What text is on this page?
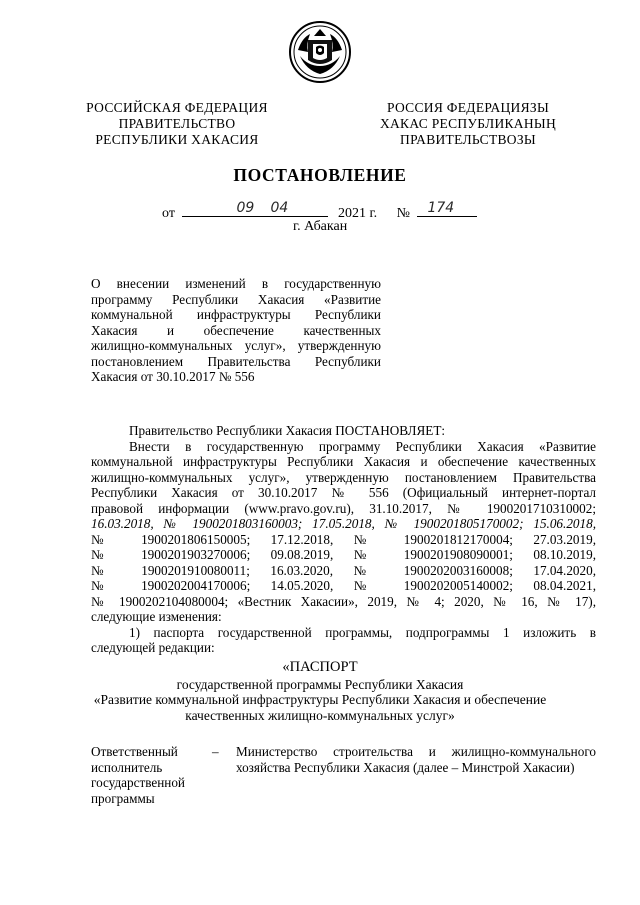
РОССИЙСКАЯ ФЕДЕРАЦИЯ
ПРАВИТЕЛЬСТВО
РЕСПУБЛИКИ ХАКАСИЯ
РОССИЯ ФЕДЕРАЦИЯЗЫ
ХАКАС РЕСПУБЛИКАНЫҢ
ПРАВИТЕЛЬСТВОЗЫ
ПОСТАНОВЛЕНИЕ
от	09 04	2021 г. № 174
г. Абакан
О внесении изменений в государственную
программу Республики Хакасия «Развитие
коммунальной инфраструктуры Республики
Хакасия и обеспечение качественных
жилищно-коммунальных услуг», утвержденную
постановлением Правительства Республики
Хакасия от 30.10.2017 № 556
Правительство Республики Хакасия ПОСТАНОВЛЯЕТ:
Внести в государственную программу Республики Хакасия «Развитие
коммунальной инфраструктуры Республики Хакасия и обеспечение качественных
жилищно-коммунальных услуг», утвержденную постановлением Правительства
Республики Хакасия от 30.10.2017 № 556 (Официальный интернет-портал
правовой информации (www.pravo.gov.ru), 31.10.2017, № 1900201710310002;
16.03.2018, № 1900201803160003; 17.05.2018, № 1900201805170002; 15.06.2018,
№ 1900201806150005; 17.12.2018, № 1900201812170004; 27.03.2019,
№ 1900201903270006; 09.08.2019, № 1900201908090001; 08.10.2019,
№ 1900201910080011; 16.03.2020, № 1900202003160008; 17.04.2020,
№ 1900202004170006; 14.05.2020, № 1900202005140002; 08.04.2021,
№ 1900202104080004; «Вестник Хакасии», 2019, № 4; 2020, № 16, № 17),
следующие изменения:
1) паспорта государственной программы, подпрограммы 1 изложить в
следующей редакции:
«ПАСПОРТ
государственной программы Республики Хакасия
«Развитие коммунальной инфраструктуры Республики Хакасия и обеспечение
качественных жилищно-коммунальных услуг»
Ответственный
исполнитель
государственной
программы
– Министерство строительства и жилищно-коммунального
хозяйства Республики Хакасия (далее – Минстрой Хакасии)
